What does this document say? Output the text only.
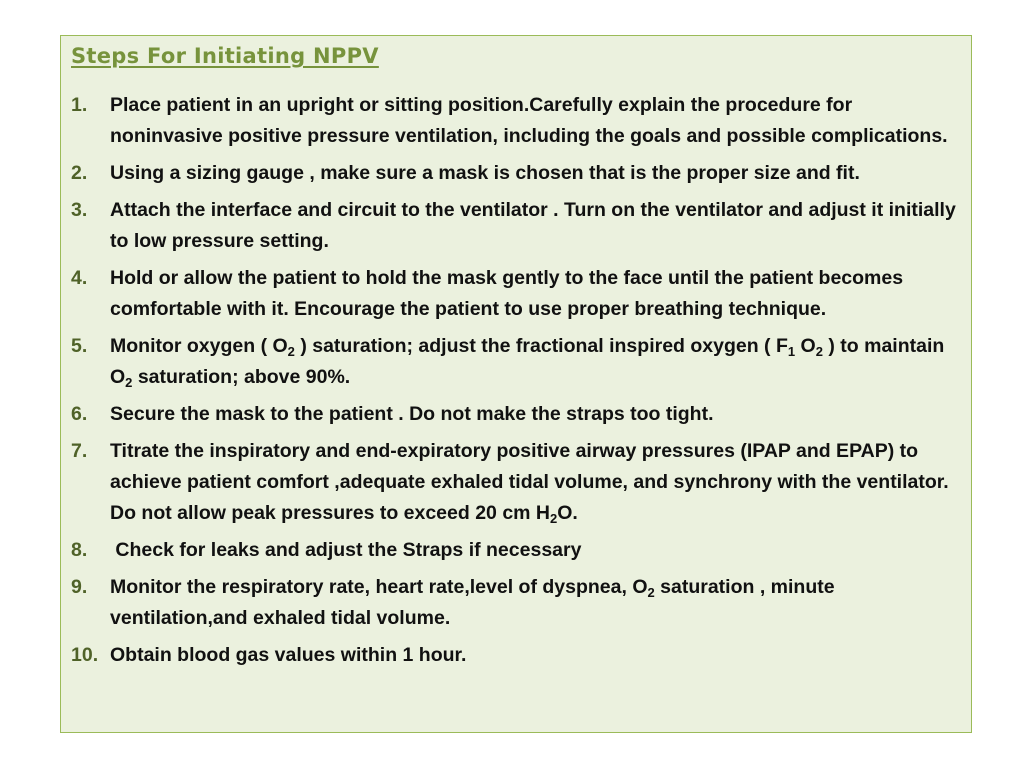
Steps For Initiating NPPV
1. Place patient in an upright or sitting position.Carefully explain the procedure for noninvasive positive pressure ventilation, including the goals and possible complications.
2. Using a sizing gauge , make sure a mask is chosen that is the proper size and fit.
3. Attach the interface and circuit to the ventilator . Turn on the ventilator and adjust it initially to low pressure setting.
4. Hold or allow the patient to hold the mask gently to the face until the patient becomes comfortable with it. Encourage the patient to use proper breathing technique.
5. Monitor oxygen ( $O_2$ ) saturation; adjust the fractional inspired oxygen ( $F_1$ $O_2$ ) to maintain $O_2$ saturation; above 90%.
6. Secure the mask to the patient . Do not make the straps too tight.
7. Titrate the inspiratory and end-expiratory positive airway pressures (IPAP and EPAP) to achieve patient comfort ,adequate exhaled tidal volume, and synchrony with the ventilator. Do not allow peak pressures to exceed 20 cm $H_2O$.
8. Check for leaks and adjust the Straps if necessary
9. Monitor the respiratory rate, heart rate,level of dyspnea, $O_2$ saturation , minute ventilation,and exhaled tidal volume.
10. Obtain blood gas values within 1 hour.
